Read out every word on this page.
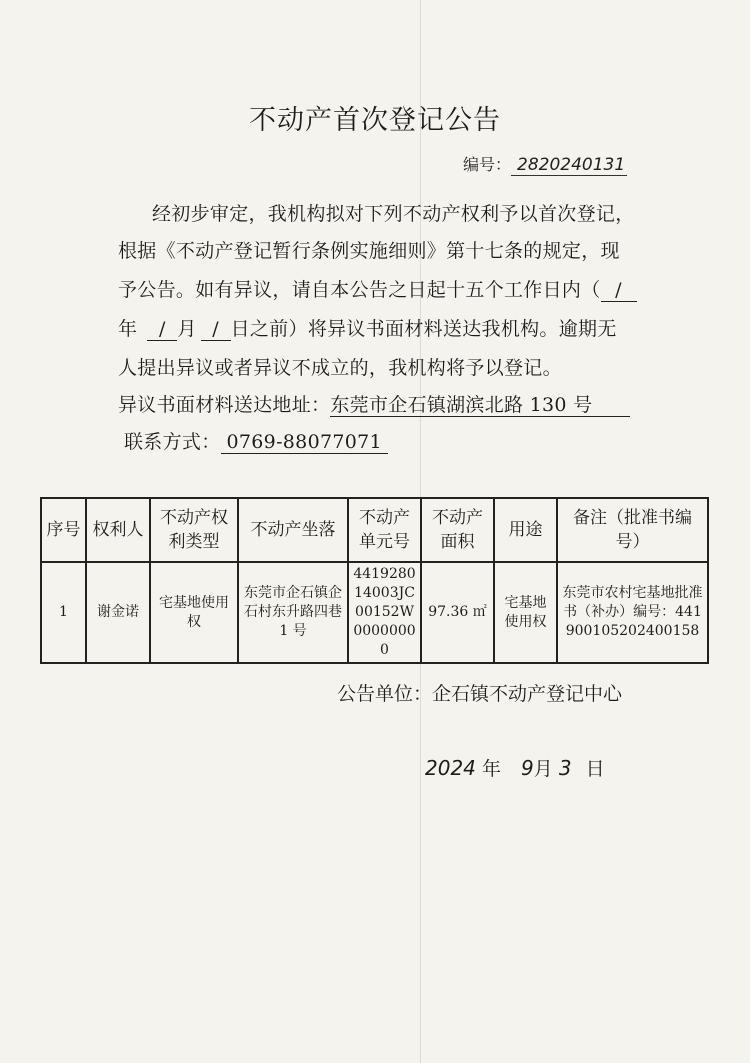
不动产首次登记公告
编号： 2820240131
经初步审定，我机构拟对下列不动产权利予以首次登记，
根据《不动产登记暂行条例实施细则》第十七条的规定，现
予公告。如有异议，请自本公告之日起十五个工作日内（ /
年 / 月 / 日之前）将异议书面材料送达我机构。逾期无
人提出异议或者异议不成立的，我机构将予以登记。
异议书面材料送达地址：东莞市企石镇湖滨北路 130 号
联系方式： 0769-88077071
序号	权利人	不动产权利类型	不动产坐落	不动产单元号	不动产面积	用途	备注（批准书编号）
1	谢金诺	宅基地使用权	东莞市企石镇企石村东升路四巷 1 号	441928014003JC00152W00000000	97.36 ㎡	宅基地使用权	东莞市农村宅基地批准书（补办）编号：441900105202400158
公告单位：企石镇不动产登记中心
2024 年 9月 3 日
